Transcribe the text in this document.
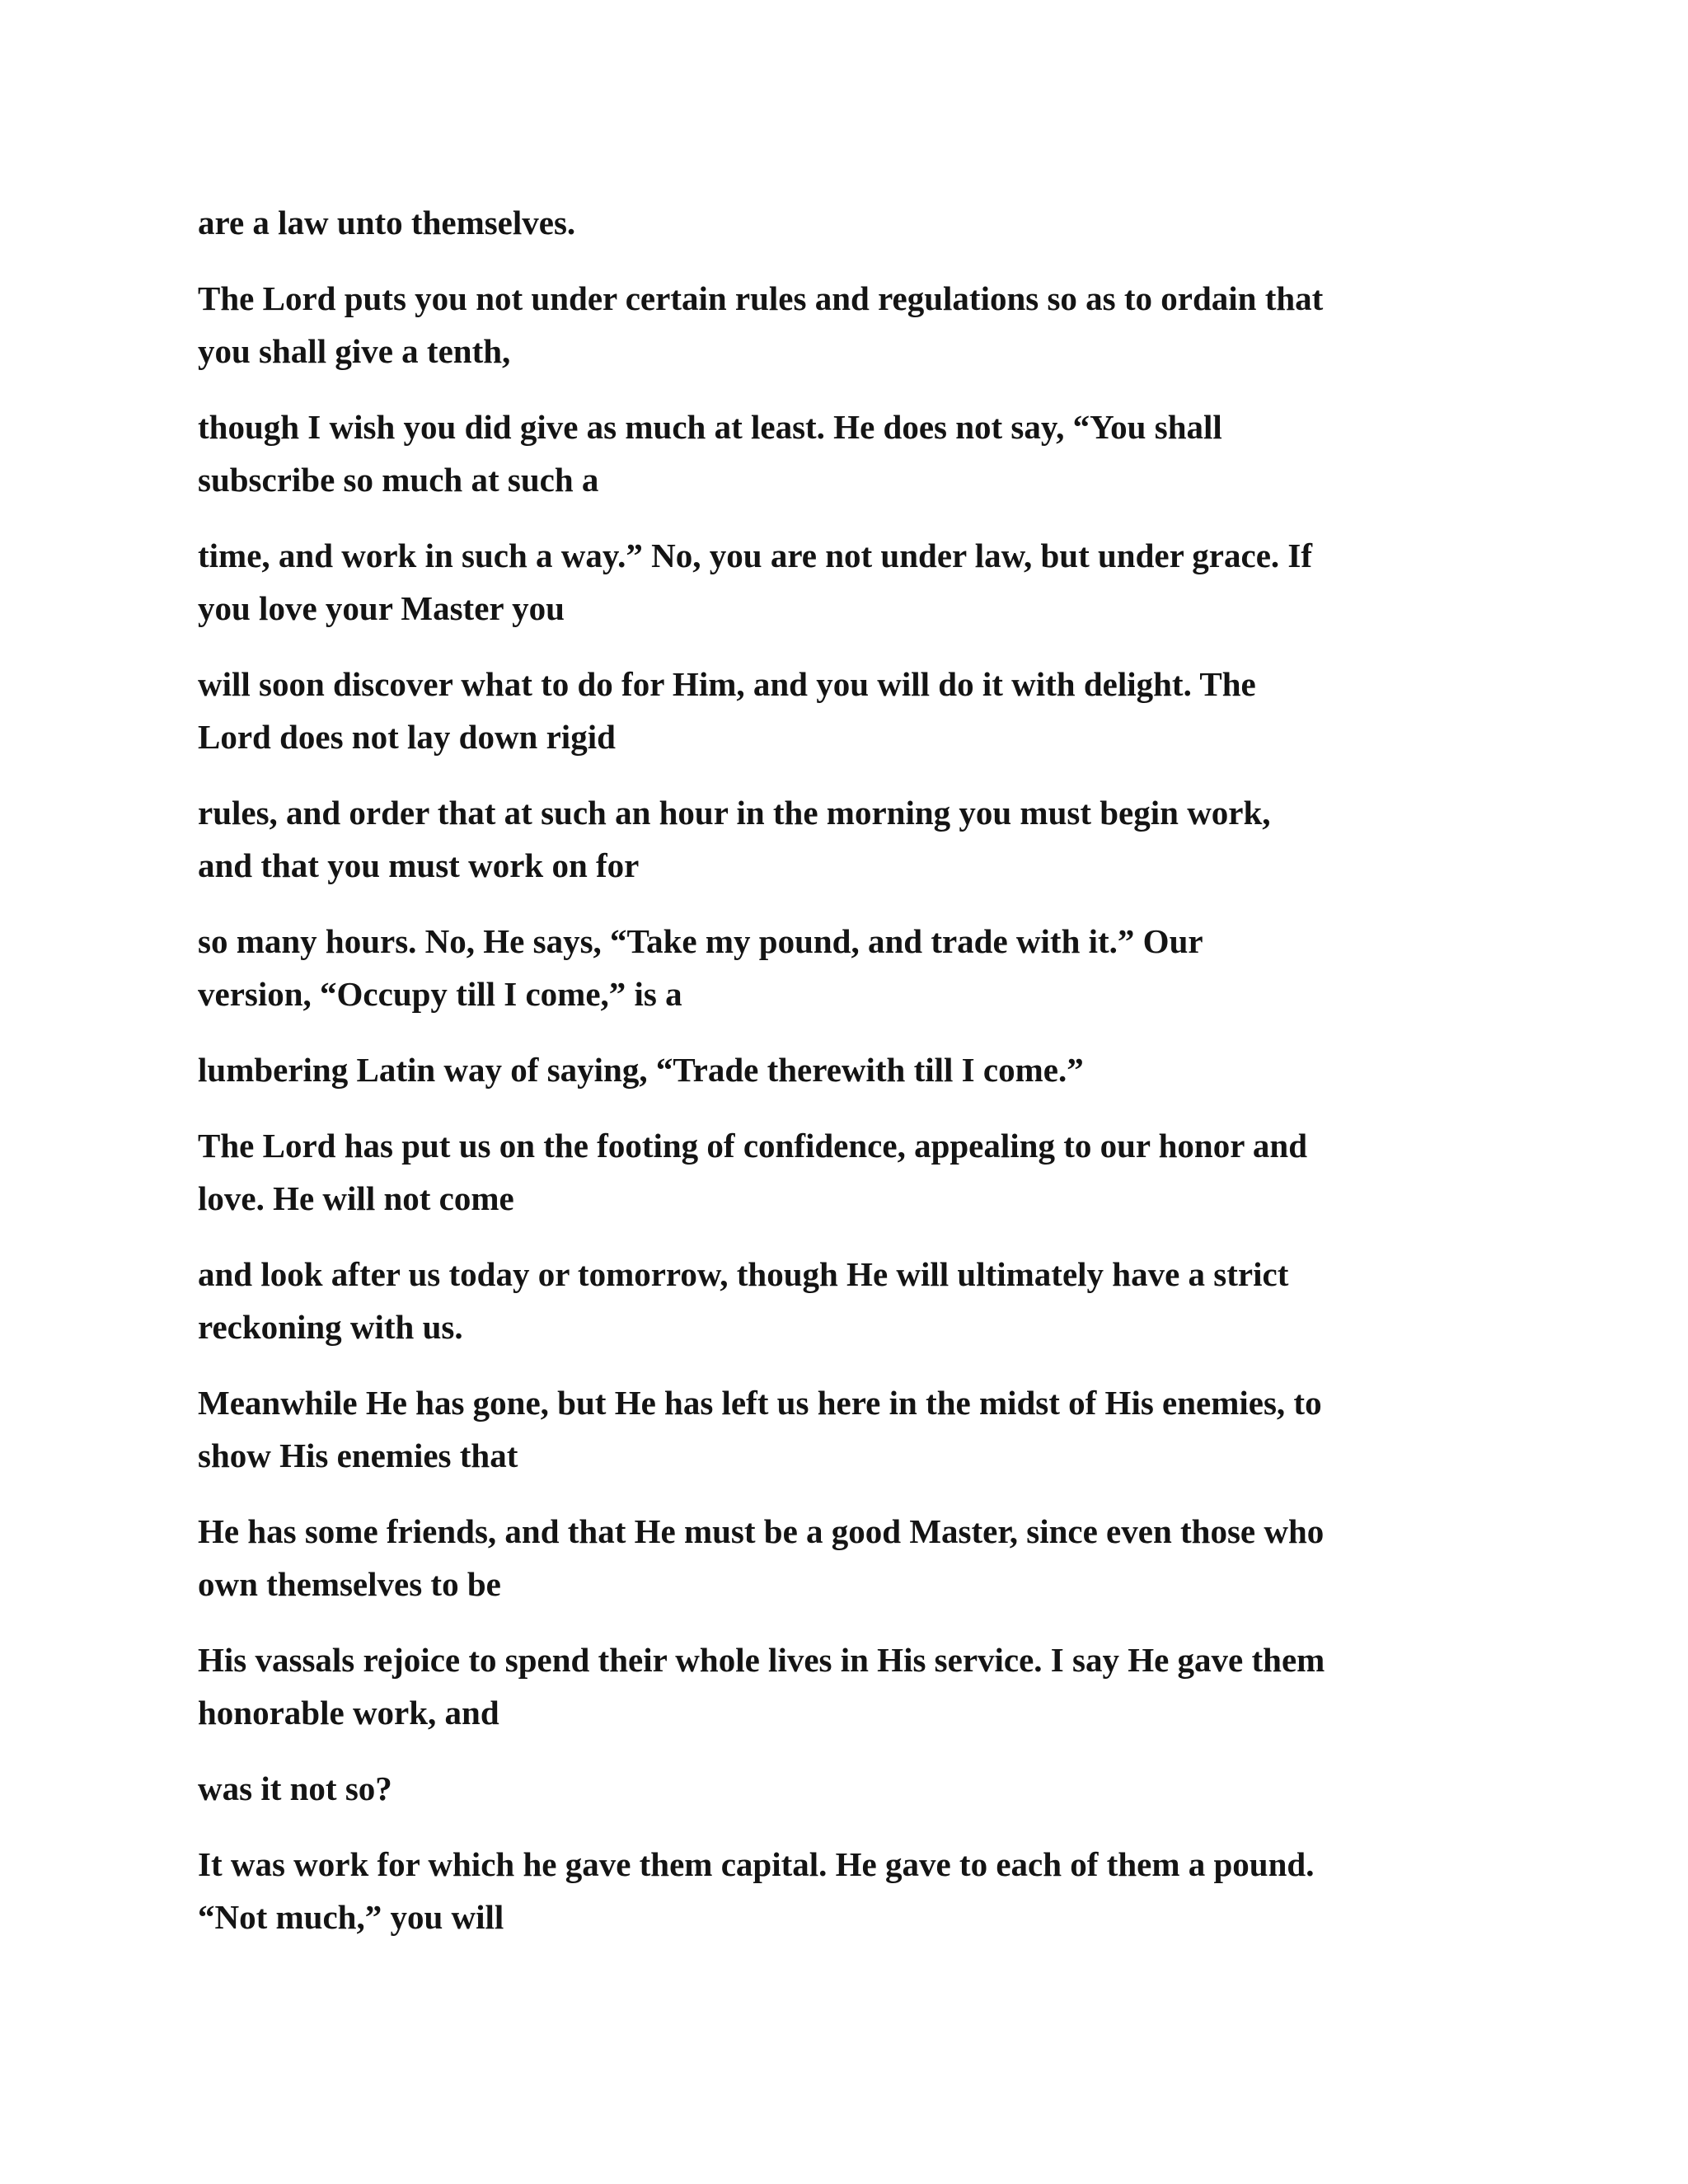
are a law unto themselves.

The Lord puts you not under certain rules and regulations so as to ordain that
you shall give a tenth,

though I wish you did give as much at least. He does not say, “You shall
subscribe so much at such a

time, and work in such a way.” No, you are not under law, but under grace. If
you love your Master you

will soon discover what to do for Him, and you will do it with delight. The
Lord does not lay down rigid

rules, and order that at such an hour in the morning you must begin work,
and that you must work on for

so many hours. No, He says, “Take my pound, and trade with it.” Our
version, “Occupy till I come,” is a

lumbering Latin way of saying, “Trade therewith till I come.”

The Lord has put us on the footing of confidence, appealing to our honor and
love. He will not come

and look after us today or tomorrow, though He will ultimately have a strict
reckoning with us.

Meanwhile He has gone, but He has left us here in the midst of His enemies, to
show His enemies that

He has some friends, and that He must be a good Master, since even those who
own themselves to be

His vassals rejoice to spend their whole lives in His service. I say He gave them
honorable work, and

was it not so?

It was work for which he gave them capital. He gave to each of them a pound.
“Not much,” you will
